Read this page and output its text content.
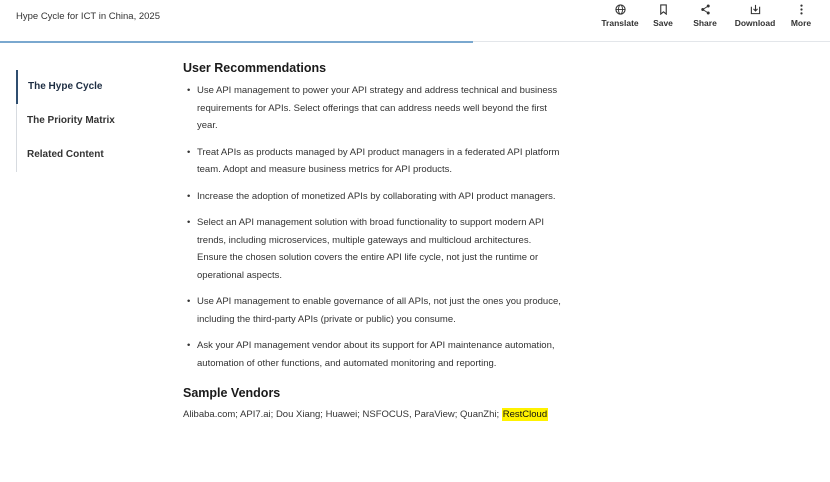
Hype Cycle for ICT in China, 2025
Translate Save Share Download More
The Hype Cycle
The Priority Matrix
Related Content
User Recommendations
• Use API management to power your API strategy and address technical and business requirements for APIs. Select offerings that can address needs well beyond the first year.
• Treat APIs as products managed by API product managers in a federated API platform team. Adopt and measure business metrics for API products.
• Increase the adoption of monetized APIs by collaborating with API product managers.
• Select an API management solution with broad functionality to support modern API trends, including microservices, multiple gateways and multicloud architectures. Ensure the chosen solution covers the entire API life cycle, not just the runtime or operational aspects.
• Use API management to enable governance of all APIs, not just the ones you produce, including the third-party APIs (private or public) you consume.
• Ask your API management vendor about its support for API maintenance automation, automation of other functions, and automated monitoring and reporting.
Sample Vendors

Alibaba.com; API7.ai; Dou Xiang; Huawei; NSFOCUS, ParaView; QuanZhi; RestCloud
